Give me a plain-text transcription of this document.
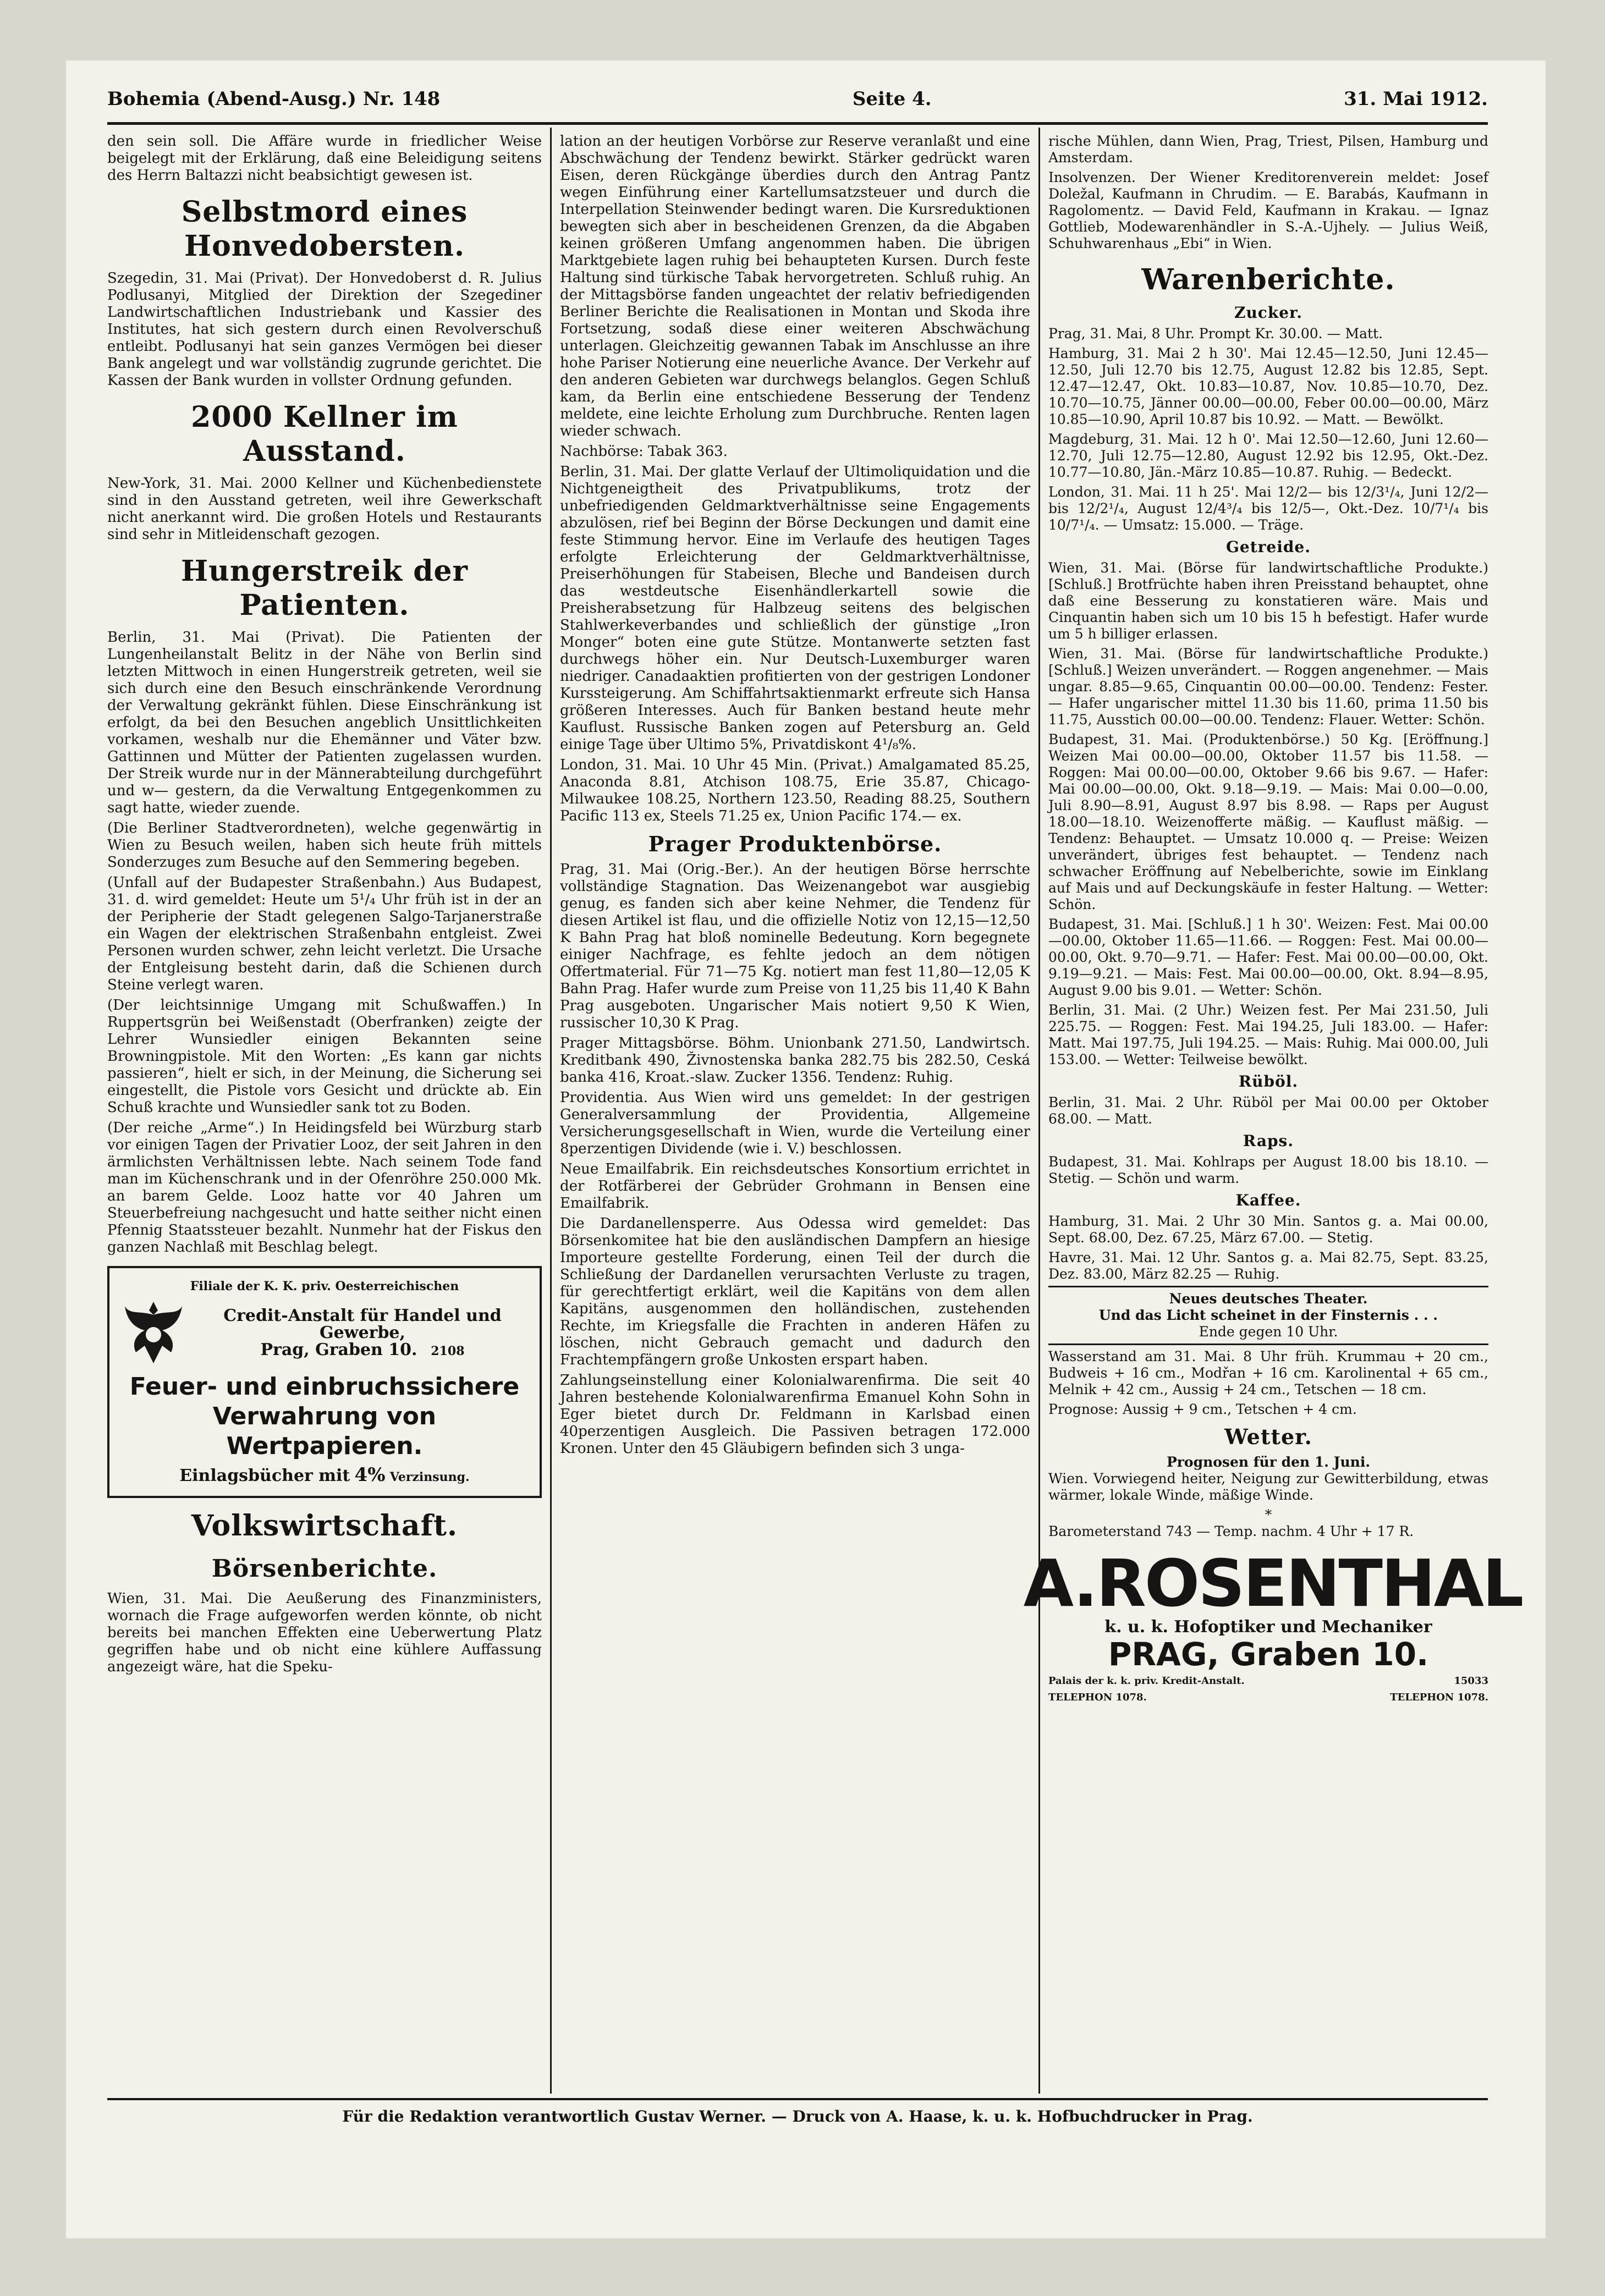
Bohemia (Abend-Ausg.) Nr. 148	Seite 4.	31. Mai 1912.

den sein soll. Die Affäre wurde in friedlicher Weise beigelegt mit der Erklärung, daß eine Beleidigung seitens des Herrn Baltazzi nicht beabsichtigt gewesen ist.

Selbstmord eines Honvedobersten.

Szegedin, 31. Mai (Privat). Der Honvedoberst d. R. Julius Podlusanyi, Mitglied der Direktion der Szegediner Landwirtschaftlichen Industriebank und Kassier des Institutes, hat sich gestern durch einen Revolverschuß entleibt. Podlusanyi hat sein ganzes Vermögen bei dieser Bank angelegt und war vollständig zugrunde gerichtet. Die Kassen der Bank wurden in vollster Ordnung gefunden.

2000 Kellner im Ausstand.

New-York, 31. Mai. 2000 Kellner und Küchenbedienstete sind in den Ausstand getreten, weil ihre Gewerkschaft nicht anerkannt wird. Die großen Hotels und Restaurants sind sehr in Mitleidenschaft gezogen.

Hungerstreik der Patienten.

Berlin, 31. Mai (Privat). Die Patienten der Lungenheilanstalt Belitz in der Nähe von Berlin sind letzten Mittwoch in einen Hungerstreik getreten, weil sie sich durch eine den Besuch einschränkende Verordnung der Verwaltung gekränkt fühlen. Diese Einschränkung ist erfolgt, da bei den Besuchen angeblich Unsittlichkeiten vorkamen, weshalb nur die Ehemänner und Väter bzw. Gattinnen und Mütter der Patienten zugelassen wurden. Der Streik wurde nur in der Männerabteilung durchgeführt und w— gestern, da die Verwaltung Entgegenkommen zu sagt hatte, wieder zuende.

(Die Berliner Stadtverordneten), welche gegenwärtig in Wien zu Besuch weilen, haben sich heute früh mittels Sonderzuges zum Besuche auf den Semmering begeben.

(Unfall auf der Budapester Straßenbahn.) Aus Budapest, 31. d. wird gemeldet: Heute um 5¹/₄ Uhr früh ist in der an der Peripherie der Stadt gelegenen Salgo-Tarjanerstraße ein Wagen der elektrischen Straßenbahn entgleist. Zwei Personen wurden schwer, zehn leicht verletzt. Die Ursache der Entgleisung besteht darin, daß die Schienen durch Steine verlegt waren.

(Der leichtsinnige Umgang mit Schußwaffen.) In Ruppertsgrün bei Weißenstadt (Oberfranken) zeigte der Lehrer Wunsiedler einigen Bekannten seine Browningpistole. Mit den Worten: „Es kann gar nichts passieren“, hielt er sich, in der Meinung, die Sicherung sei eingestellt, die Pistole vors Gesicht und drückte ab. Ein Schuß krachte und Wunsiedler sank tot zu Boden.

(Der reiche „Arme“.) In Heidingsfeld bei Würzburg starb vor einigen Tagen der Privatier Looz, der seit Jahren in den ärmlichsten Verhältnissen lebte. Nach seinem Tode fand man im Küchenschrank und in der Ofenröhre 250.000 Mk. an barem Gelde. Looz hatte vor 40 Jahren um Steuerbefreiung nachgesucht und hatte seither nicht einen Pfennig Staatssteuer bezahlt. Nunmehr hat der Fiskus den ganzen Nachlaß mit Beschlag belegt.

Filiale der K. K. priv. Oesterreichischen
Credit-Anstalt für Handel und Gewerbe,
Prag, Graben 10. 2108
Feuer- und einbruchssichere Verwahrung von Wertpapieren.
Einlagsbücher mit 4% Verzinsung.
Volkswirtschaft.
Börsenberichte.

Wien, 31. Mai. Die Aeußerung des Finanzministers, wornach die Frage aufgeworfen werden könnte, ob nicht bereits bei manchen Effekten eine Ueberwertung Platz gegriffen habe und ob nicht eine kühlere Auffassung angezeigt wäre, hat die Speku-

lation an der heutigen Vorbörse zur Reserve veranlaßt und eine Abschwächung der Tendenz bewirkt. Stärker gedrückt waren Eisen, deren Rückgänge überdies durch den Antrag Pantz wegen Einführung einer Kartellumsatzsteuer und durch die Interpellation Steinwender bedingt waren. Die Kursreduktionen bewegten sich aber in bescheidenen Grenzen, da die Abgaben keinen größeren Umfang angenommen haben. Die übrigen Marktgebiete lagen ruhig bei behaupteten Kursen. Durch feste Haltung sind türkische Tabak hervorgetreten. Schluß ruhig. An der Mittagsbörse fanden ungeachtet der relativ befriedigenden Berliner Berichte die Realisationen in Montan und Skoda ihre Fortsetzung, sodaß diese einer weiteren Abschwächung unterlagen. Gleichzeitig gewannen Tabak im Anschlusse an ihre hohe Pariser Notierung eine neuerliche Avance. Der Verkehr auf den anderen Gebieten war durchwegs belanglos. Gegen Schluß kam, da Berlin eine entschiedene Besserung der Tendenz meldete, eine leichte Erholung zum Durchbruche. Renten lagen wieder schwach.

Nachbörse: Tabak 363.

Berlin, 31. Mai. Der glatte Verlauf der Ultimoliquidation und die Nichtgeneigtheit des Privatpublikums, trotz der unbefriedigenden Geldmarktverhältnisse seine Engagements abzulösen, rief bei Beginn der Börse Deckungen und damit eine feste Stimmung hervor. Eine im Verlaufe des heutigen Tages erfolgte Erleichterung der Geldmarktverhältnisse, Preiserhöhungen für Stabeisen, Bleche und Bandeisen durch das westdeutsche Eisenhändlerkartell sowie die Preisherabsetzung für Halbzeug seitens des belgischen Stahlwerkeverbandes und schließlich der günstige „Iron Monger“ boten eine gute Stütze. Montanwerte setzten fast durchwegs höher ein. Nur Deutsch-Luxemburger waren niedriger. Canadaaktien profitierten von der gestrigen Londoner Kurssteigerung. Am Schiffahrtsaktienmarkt erfreute sich Hansa größeren Interesses. Auch für Banken bestand heute mehr Kauflust. Russische Banken zogen auf Petersburg an. Geld einige Tage über Ultimo 5%, Privatdiskont 4¹/₈%.

London, 31. Mai. 10 Uhr 45 Min. (Privat.) Amalgamated 85.25, Anaconda 8.81, Atchison 108.75, Erie 35.87, Chicago-Milwaukee 108.25, Northern 123.50, Reading 88.25, Southern Pacific 113 ex, Steels 71.25 ex, Union Pacific 174.— ex.

Prager Produktenbörse.

Prag, 31. Mai (Orig.-Ber.). An der heutigen Börse herrschte vollständige Stagnation. Das Weizenangebot war ausgiebig genug, es fanden sich aber keine Nehmer, die Tendenz für diesen Artikel ist flau, und die offizielle Notiz von 12,15—12,50 K Bahn Prag hat bloß nominelle Bedeutung. Korn begegnete einiger Nachfrage, es fehlte jedoch an dem nötigen Offertmaterial. Für 71—75 Kg. notiert man fest 11,80—12,05 K Bahn Prag. Hafer wurde zum Preise von 11,25 bis 11,40 K Bahn Prag ausgeboten. Ungarischer Mais notiert 9,50 K Wien, russischer 10,30 K Prag.

Prager Mittagsbörse. Böhm. Unionbank 271.50, Landwirtsch. Kreditbank 490, Živnostenska banka 282.75 bis 282.50, Ceská banka 416, Kroat.-slaw. Zucker 1356. Tendenz: Ruhig.

Providentia. Aus Wien wird uns gemeldet: In der gestrigen Generalversammlung der Providentia, Allgemeine Versicherungsgesellschaft in Wien, wurde die Verteilung einer 8perzentigen Dividende (wie i. V.) beschlossen.

Neue Emailfabrik. Ein reichsdeutsches Konsortium errichtet in der Rotfärberei der Gebrüder Grohmann in Bensen eine Emailfabrik.

Die Dardanellensperre. Aus Odessa wird gemeldet: Das Börsenkomitee hat bie den ausländischen Dampfern an hiesige Importeure gestellte Forderung, einen Teil der durch die Schließung der Dardanellen verursachten Verluste zu tragen, für gerechtfertigt erklärt, weil die Kapitäns von dem allen Kapitäns, ausgenommen den holländischen, zustehenden Rechte, im Kriegsfalle die Frachten in anderen Häfen zu löschen, nicht Gebrauch gemacht und dadurch den Frachtempfängern große Unkosten erspart haben.

Zahlungseinstellung einer Kolonialwarenfirma. Die seit 40 Jahren bestehende Kolonialwarenfirma Emanuel Kohn Sohn in Eger bietet durch Dr. Feldmann in Karlsbad einen 40perzentigen Ausgleich. Die Passiven betragen 172.000 Kronen. Unter den 45 Gläubigern befinden sich 3 unga-

rische Mühlen, dann Wien, Prag, Triest, Pilsen, Hamburg und Amsterdam.

Insolvenzen. Der Wiener Kreditorenverein meldet: Josef Doležal, Kaufmann in Chrudim. — E. Barabás, Kaufmann in Ragolomentz. — David Feld, Kaufmann in Krakau. — Ignaz Gottlieb, Modewarenhändler in S.-A.-Ujhely. — Julius Weiß, Schuhwarenhaus „Ebi“ in Wien.

Warenberichte.
Zucker.

Prag, 31. Mai, 8 Uhr. Prompt Kr. 30.00. — Matt.

Hamburg, 31. Mai 2 h 30'. Mai 12.45—12.50, Juni 12.45—12.50, Juli 12.70 bis 12.75, August 12.82 bis 12.85, Sept. 12.47—12.47, Okt. 10.83—10.87, Nov. 10.85—10.70, Dez. 10.70—10.75, Jänner 00.00—00.00, Feber 00.00—00.00, März 10.85—10.90, April 10.87 bis 10.92. — Matt. — Bewölkt.

Magdeburg, 31. Mai. 12 h 0'. Mai 12.50—12.60, Juni 12.60—12.70, Juli 12.75—12.80, August 12.92 bis 12.95, Okt.-Dez. 10.77—10.80, Jän.-März 10.85—10.87. Ruhig. — Bedeckt.

London, 31. Mai. 11 h 25'. Mai 12/2— bis 12/3¹/₄, Juni 12/2— bis 12/2¹/₄, August 12/4³/₄ bis 12/5—, Okt.-Dez. 10/7¹/₄ bis 10/7¹/₄. — Umsatz: 15.000. — Träge.

Getreide.

Wien, 31. Mai. (Börse für landwirtschaftliche Produkte.) [Schluß.] Brotfrüchte haben ihren Preisstand behauptet, ohne daß eine Besserung zu konstatieren wäre. Mais und Cinquantin haben sich um 10 bis 15 h befestigt. Hafer wurde um 5 h billiger erlassen.

Wien, 31. Mai. (Börse für landwirtschaftliche Produkte.) [Schluß.] Weizen unverändert. — Roggen angenehmer. — Mais ungar. 8.85—9.65, Cinquantin 00.00—00.00. Tendenz: Fester. — Hafer ungarischer mittel 11.30 bis 11.60, prima 11.50 bis 11.75, Ausstich 00.00—00.00. Tendenz: Flauer. Wetter: Schön.

Budapest, 31. Mai. (Produktenbörse.) 50 Kg. [Eröffnung.] Weizen Mai 00.00—00.00, Oktober 11.57 bis 11.58. — Roggen: Mai 00.00—00.00, Oktober 9.66 bis 9.67. — Hafer: Mai 00.00—00.00, Okt. 9.18—9.19. — Mais: Mai 0.00—0.00, Juli 8.90—8.91, August 8.97 bis 8.98. — Raps per August 18.00—18.10. Weizenofferte mäßig. — Kauflust mäßig. — Tendenz: Behauptet. — Umsatz 10.000 q. — Preise: Weizen unverändert, übriges fest behauptet. — Tendenz nach schwacher Eröffnung auf Nebelberichte, sowie im Einklang auf Mais und auf Deckungskäufe in fester Haltung. — Wetter: Schön.

Budapest, 31. Mai. [Schluß.] 1 h 30'. Weizen: Fest. Mai 00.00—00.00, Oktober 11.65—11.66. — Roggen: Fest. Mai 00.00—00.00, Okt. 9.70—9.71. — Hafer: Fest. Mai 00.00—00.00, Okt. 9.19—9.21. — Mais: Fest. Mai 00.00—00.00, Okt. 8.94—8.95, August 9.00 bis 9.01. — Wetter: Schön.

Berlin, 31. Mai. (2 Uhr.) Weizen fest. Per Mai 231.50, Juli 225.75. — Roggen: Fest. Mai 194.25, Juli 183.00. — Hafer: Matt. Mai 197.75, Juli 194.25. — Mais: Ruhig. Mai 000.00, Juli 153.00. — Wetter: Teilweise bewölkt.

Rüböl.

Berlin, 31. Mai. 2 Uhr. Rüböl per Mai 00.00 per Oktober 68.00. — Matt.

Raps.

Budapest, 31. Mai. Kohlraps per August 18.00 bis 18.10. — Stetig. — Schön und warm.

Kaffee.

Hamburg, 31. Mai. 2 Uhr 30 Min. Santos g. a. Mai 00.00, Sept. 68.00, Dez. 67.25, März 67.00. — Stetig.

Havre, 31. Mai. 12 Uhr. Santos g. a. Mai 82.75, Sept. 83.25, Dez. 83.00, März 82.25 — Ruhig.

Neues deutsches Theater.
Und das Licht scheinet in der Finsternis . . .
Ende gegen 10 Uhr.

Wasserstand am 31. Mai. 8 Uhr früh. Krummau + 20 cm., Budweis + 16 cm., Modřan + 16 cm. Karolinental + 65 cm., Melnik + 42 cm., Aussig + 24 cm., Tetschen — 18 cm.

Prognose: Aussig + 9 cm., Tetschen + 4 cm.

Wetter.
Prognosen für den 1. Juni.

Wien. Vorwiegend heiter, Neigung zur Gewitterbildung, etwas wärmer, lokale Winde, mäßige Winde.

*

Barometerstand 743 — Temp. nachm. 4 Uhr + 17 R.

A.ROSENTHAL
k. u. k. Hofoptiker und Mechaniker
PRAG, Graben 10.
Palais der k. k. priv. Kredit-Anstalt.	15033
TELEPHON 1078.	TELEPHON 1078.
Für die Redaktion verantwortlich Gustav Werner. — Druck von A. Haase, k. u. k. Hofbuchdrucker in Prag.
